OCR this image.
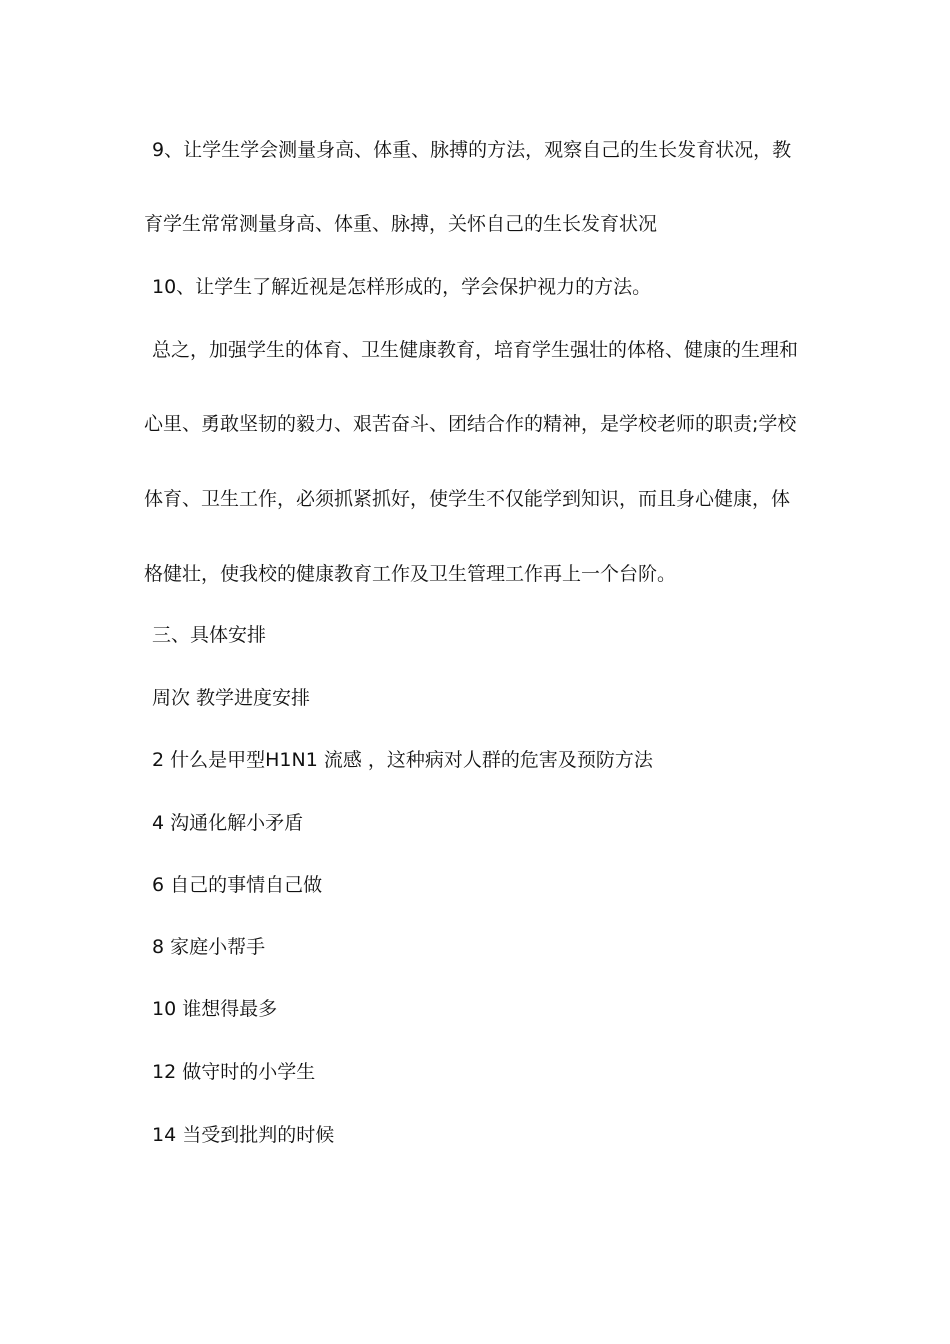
9、让学生学会测量身高、体重、脉搏的方法，观察自己的生长发育状况，教
育学生常常测量身高、体重、脉搏，关怀自己的生长发育状况
10、让学生了解近视是怎样形成的，学会保护视力的方法。
总之，加强学生的体育、卫生健康教育，培育学生强壮的体格、健康的生理和
心里、勇敢坚韧的毅力、艰苦奋斗、团结合作的精神，是学校老师的职责;学校
体育、卫生工作，必须抓紧抓好，使学生不仅能学到知识，而且身心健康，体
格健壮，使我校的健康教育工作及卫生管理工作再上一个台阶。
三、具体安排
周次 教学进度安排
2 什么是甲型H1N1 流感 ，这种病对人群的危害及预防方法
4 沟通化解小矛盾
6 自己的事情自己做
8 家庭小帮手
10 谁想得最多
12 做守时的小学生
14 当受到批判的时候
